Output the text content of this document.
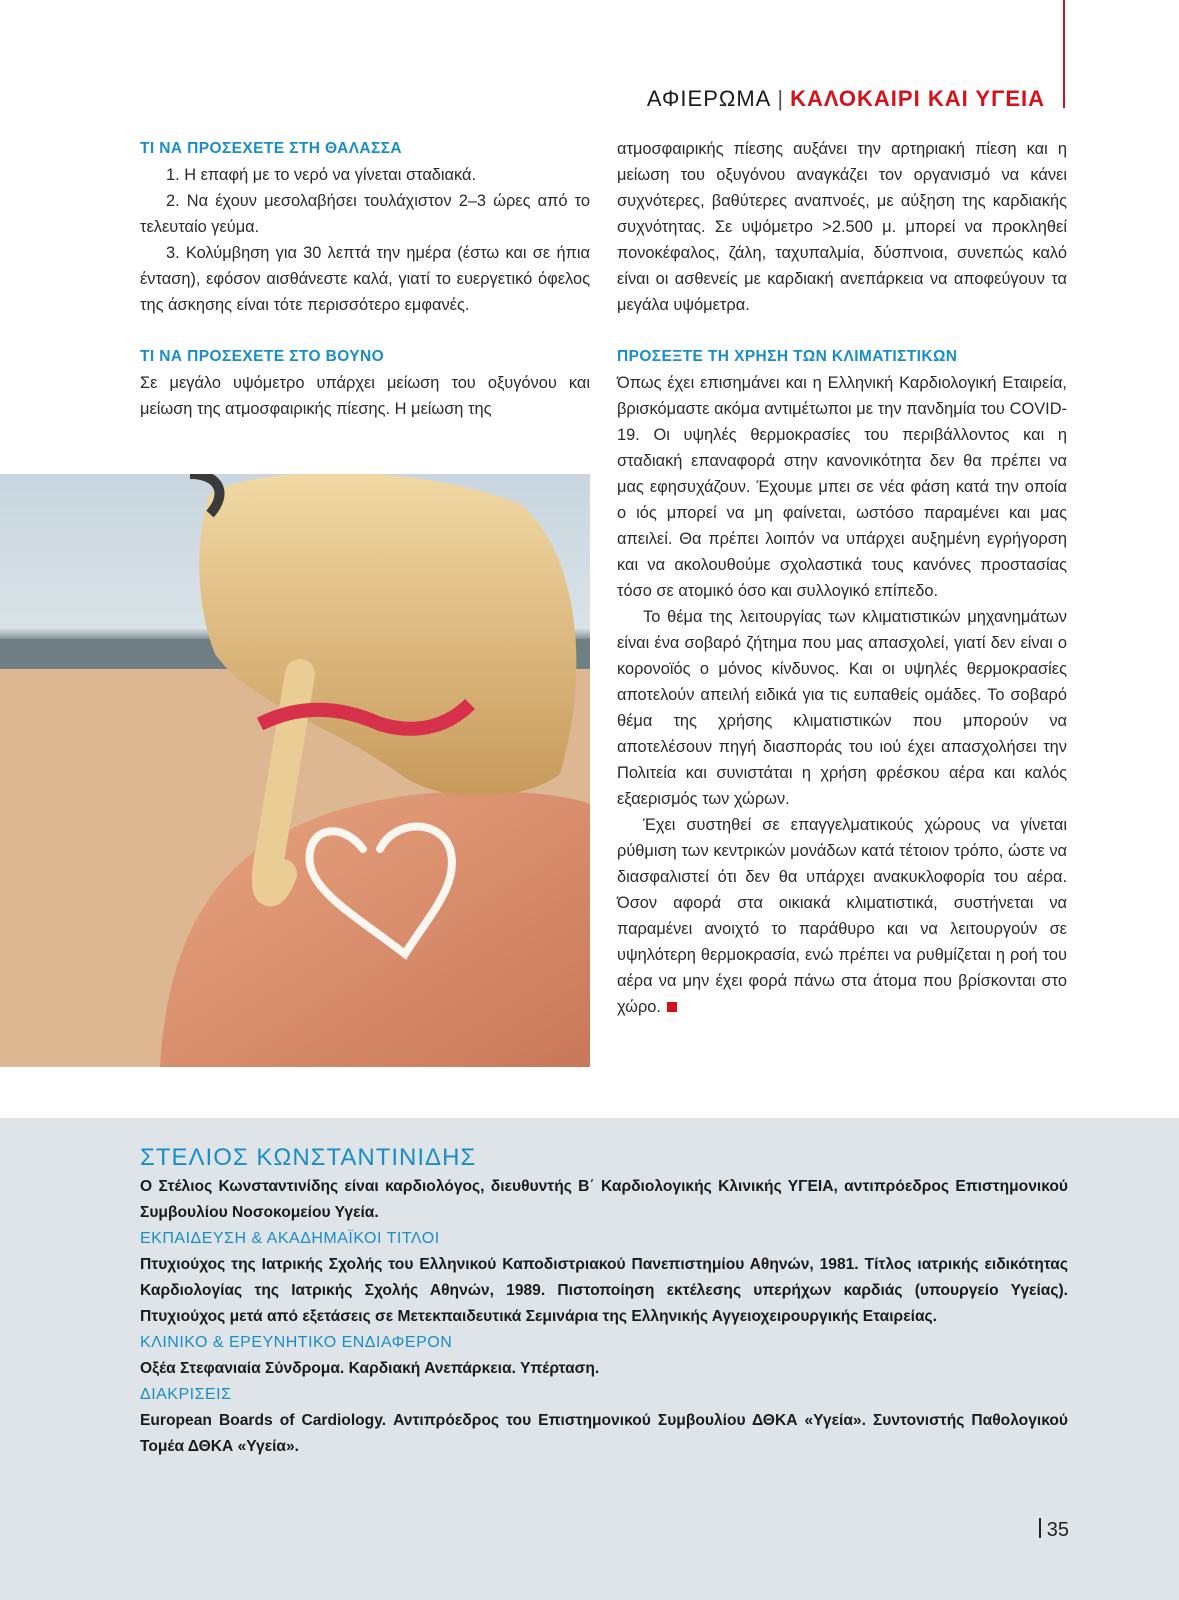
ΑΦΙΕΡΩΜΑ | ΚΑΛΟΚΑΙΡΙ ΚΑΙ ΥΓΕΙΑ

ΤΙ ΝΑ ΠΡΟΣΕΧΕΤΕ ΣΤΗ ΘΑΛΑΣΣΑ

1. Η επαφή με το νερό να γίνεται σταδιακά.

2. Να έχουν μεσολαβήσει τουλάχιστον 2–3 ώρες από το τελευταίο γεύμα.

3. Κολύμβηση για 30 λεπτά την ημέρα (έστω και σε ήπια ένταση), εφόσον αισθάνεστε καλά, γιατί το ευεργετικό όφελος της άσκησης είναι τότε περισσότερο εμφανές.

ΤΙ ΝΑ ΠΡΟΣΕΧΕΤΕ ΣΤΟ ΒΟΥΝΟ

Σε μεγάλο υψόμετρο υπάρχει μείωση του οξυγόνου και μείωση της ατμοσφαιρικής πίεσης. Η μείωση της

ατμοσφαιρικής πίεσης αυξάνει την αρτηριακή πίεση και η μείωση του οξυγόνου αναγκάζει τον οργανισμό να κάνει συχνότερες, βαθύτερες αναπνοές, με αύξηση της καρδιακής συχνότητας. Σε υψόμετρο >2.500 μ. μπορεί να προκληθεί πονοκέφαλος, ζάλη, ταχυπαλμία, δύσπνοια, συνεπώς καλό είναι οι ασθενείς με καρδιακή ανεπάρκεια να αποφεύγουν τα μεγάλα υψόμετρα.

ΠΡΟΣΕΞΤΕ ΤΗ ΧΡΗΣΗ ΤΩΝ ΚΛΙΜΑΤΙΣΤΙΚΩΝ

Όπως έχει επισημάνει και η Ελληνική Καρδιολογική Εταιρεία, βρισκόμαστε ακόμα αντιμέτωποι με την πανδημία του COVID-19. Οι υψηλές θερμοκρασίες του περιβάλλοντος και η σταδιακή επαναφορά στην κανονικότητα δεν θα πρέπει να μας εφησυχάζουν. Έχουμε μπει σε νέα φάση κατά την οποία ο ιός μπορεί να μη φαίνεται, ωστόσο παραμένει και μας απειλεί. Θα πρέπει λοιπόν να υπάρχει αυξημένη εγρήγορση και να ακολουθούμε σχολαστικά τους κανόνες προστασίας τόσο σε ατομικό όσο και συλλογικό επίπεδο.

Το θέμα της λειτουργίας των κλιματιστικών μηχανημάτων είναι ένα σοβαρό ζήτημα που μας απασχολεί, γιατί δεν είναι ο κορονοϊός ο μόνος κίνδυνος. Και οι υψηλές θερμοκρασίες αποτελούν απειλή ειδικά για τις ευπαθείς ομάδες. Το σοβαρό θέμα της χρήσης κλιματιστικών που μπορούν να αποτελέσουν πηγή διασποράς του ιού έχει απασχολήσει την Πολιτεία και συνιστάται η χρήση φρέσκου αέρα και καλός εξαερισμός των χώρων.

Έχει συστηθεί σε επαγγελματικούς χώρους να γίνεται ρύθμιση των κεντρικών μονάδων κατά τέτοιον τρόπο, ώστε να διασφαλιστεί ότι δεν θα υπάρχει ανακυκλοφορία του αέρα. Όσον αφορά στα οικιακά κλιματιστικά, συστήνεται να παραμένει ανοιχτό το παράθυρο και να λειτουργούν σε υψηλότερη θερμοκρασία, ενώ πρέπει να ρυθμίζεται η ροή του αέρα να μην έχει φορά πάνω στα άτομα που βρίσκονται στο χώρο.

ΣΤΕΛΙΟΣ ΚΩΝΣΤΑΝΤΙΝΙΔΗΣ

Ο Στέλιος Κωνσταντινίδης είναι καρδιολόγος, διευθυντής Β΄ Καρδιολογικής Κλινικής ΥΓΕΙΑ, αντιπρόεδρος Επιστημονικού Συμβουλίου Νοσοκομείου Υγεία.

ΕΚΠΑΙΔΕΥΣΗ & ΑΚΑΔΗΜΑΪΚΟΙ ΤΙΤΛΟΙ

Πτυχιούχος της Ιατρικής Σχολής του Ελληνικού Καποδιστριακού Πανεπιστημίου Αθηνών, 1981. Τίτλος ιατρικής ειδικότητας Καρδιολογίας της Ιατρικής Σχολής Αθηνών, 1989. Πιστοποίηση εκτέλεσης υπερήχων καρδιάς (υπουργείο Υγείας). Πτυχιούχος μετά από εξετάσεις σε Μετεκπαιδευτικά Σεμινάρια της Ελληνικής Αγγειοχειρουργικής Εταιρείας.

ΚΛΙΝΙΚΟ & ΕΡΕΥΝΗΤΙΚΟ ΕΝΔΙΑΦΕΡΟΝ

Οξέα Στεφανιαία Σύνδρομα. Καρδιακή Ανεπάρκεια. Υπέρταση.

ΔΙΑΚΡΙΣΕΙΣ

European Boards of Cardiology. Αντιπρόεδρος του Επιστημονικού Συμβουλίου ΔΘΚΑ «Υγεία». Συντονιστής Παθολογικού Τομέα ΔΘΚΑ «Υγεία».

35
